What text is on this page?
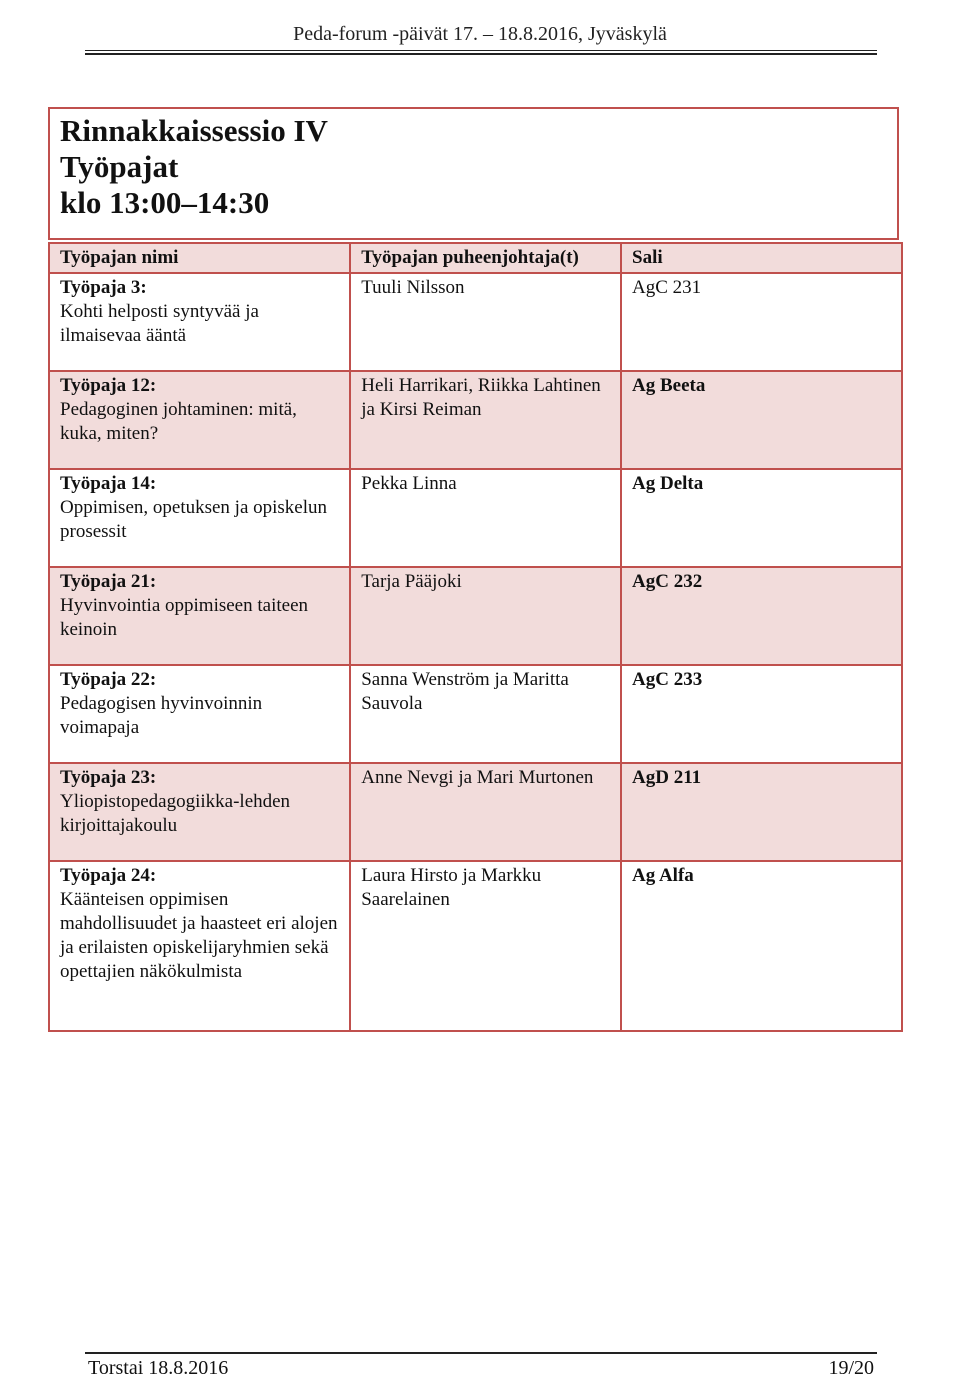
Peda-forum -päivät 17. – 18.8.2016, Jyväskylä
Rinnakkaissessio IV
Työpajat
klo 13:00–14:30
Työpajan nimi	Työpajan puheenjohtaja(t)	Sali

Työpaja 3:
Kohti helposti syntyvää ja ilmaisevaa ääntä	Tuuli Nilsson	AgC 231

Työpaja 12:
Pedagoginen johtaminen: mitä, kuka, miten?	Heli Harrikari, Riikka Lahtinen ja Kirsi Reiman	Ag Beeta

Työpaja 14:
Oppimisen, opetuksen ja opiskelun prosessit	Pekka Linna	Ag Delta

Työpaja 21:
Hyvinvointia oppimiseen taiteen keinoin	Tarja Pääjoki	AgC 232

Työpaja 22:
Pedagogisen hyvinvoinnin voimapaja	Sanna Wenström ja Maritta Sauvola	AgC 233

Työpaja 23:
Yliopistopedagogiikka-lehden kirjoittajakoulu	Anne Nevgi ja Mari Murtonen	AgD 211

Työpaja 24:
Käänteisen oppimisen mahdollisuudet ja haasteet eri alojen ja erilaisten opiskelijaryhmien sekä opettajien näkökulmista	Laura Hirsto ja Markku Saarelainen	Ag Alfa
Torstai 18.8.2016	19/20
